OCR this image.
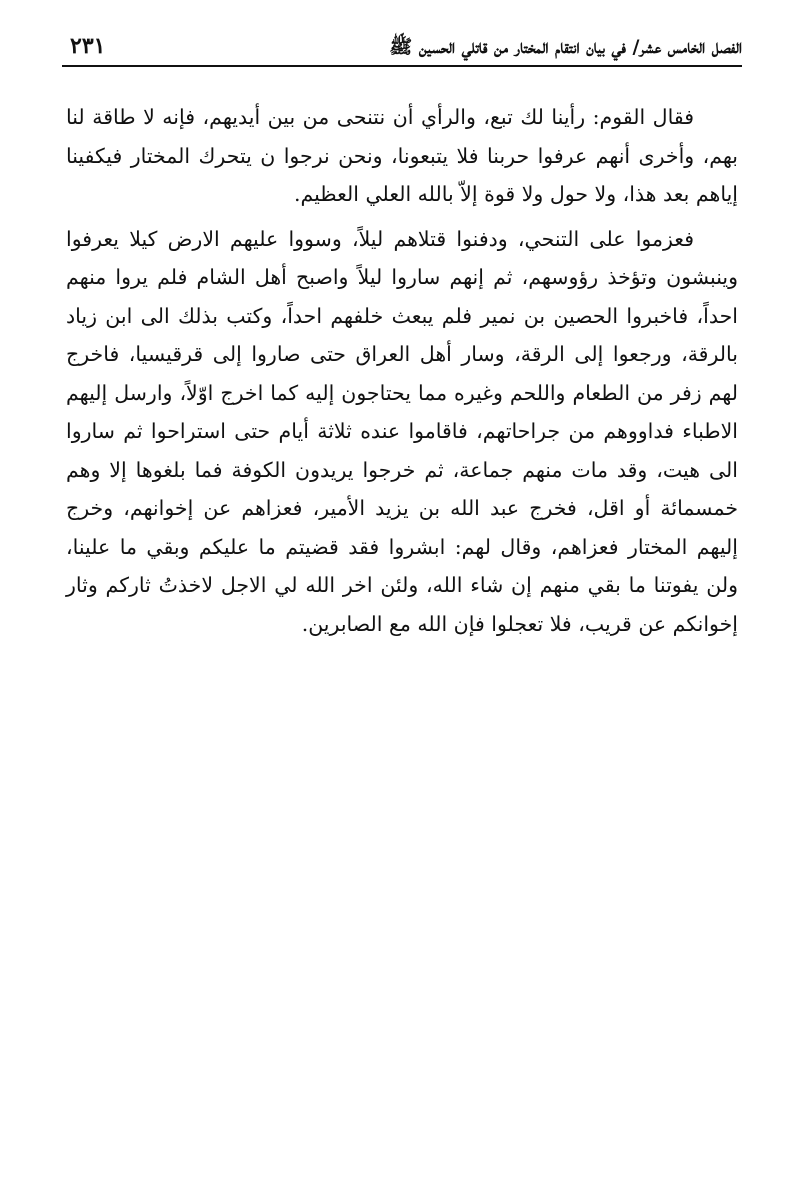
الفصل الخامس عشر/ في بيان انتقام المختار من قاتلي الحسين ﷺ
٢٣١

فقال القوم: رأينا لك تبع، والرأي أن نتنحى من بين أيديهم، فإنه لا طاقة لنا بهم، وأخرى أنهم عرفوا حربنا فلا يتبعونا، ونحن نرجوا ن يتحرك المختار فيكفينا إياهم بعد هذا، ولا حول ولا قوة إلاّ بالله العلي العظيم.

فعزموا على التنحي، ودفنوا قتلاهم ليلاً، وسووا عليهم الارض كيلا يعرفوا وينبشون وتؤخذ رؤوسهم، ثم إنهم ساروا ليلاً واصبح أهل الشام فلم يروا منهم احداً، فاخبروا الحصين بن نمير فلم يبعث خلفهم احداً، وكتب بذلك الى ابن زياد بالرقة، ورجعوا إلى الرقة، وسار أهل العراق حتى صاروا إلى قرقيسيا، فاخرج لهم زفر من الطعام واللحم وغيره مما يحتاجون إليه كما اخرج اوّلاً، وارسل إليهم الاطباء فداووهم من جراحاتهم، فاقاموا عنده ثلاثة أيام حتى استراحوا ثم ساروا الى هيت، وقد مات منهم جماعة، ثم خرجوا يريدون الكوفة فما بلغوها إلا وهم خمسمائة أو اقل، فخرج عبد الله بن يزيد الأمير، فعزاهم عن إخوانهم، وخرج إليهم المختار فعزاهم، وقال لهم: ابشروا فقد قضيتم ما عليكم وبقي ما علينا، ولن يفوتنا ما بقي منهم إن شاء الله، ولئن اخر الله لي الاجل لاخذتُ ثاركم وثار إخوانكم عن قريب، فلا تعجلوا فإن الله مع الصابرين.
